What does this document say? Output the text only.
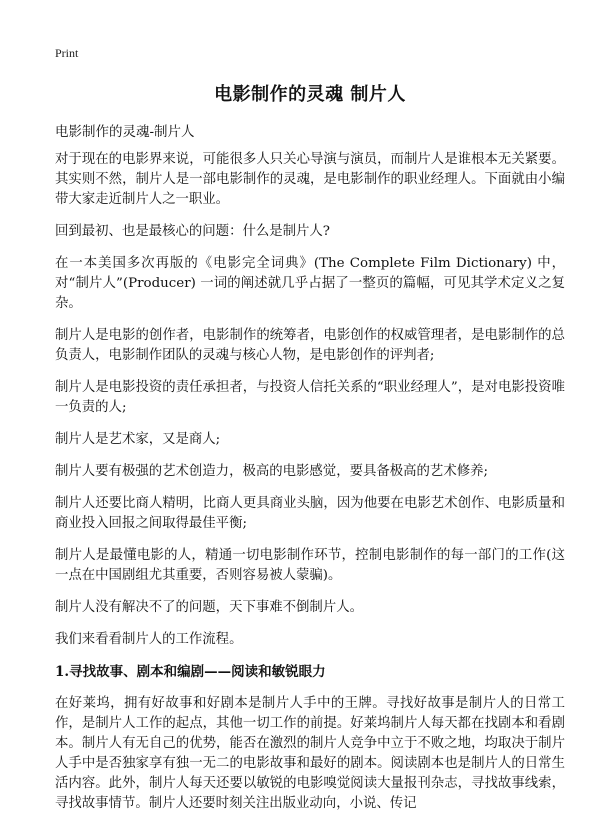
Print
电影制作的灵魂 制片人
电影制作的灵魂-制片人

对于现在的电影界来说，可能很多人只关心导演与演员，而制片人是谁根本无关紧要。其实则不然，制片人是一部电影制作的灵魂，是电影制作的职业经理人。下面就由小编带大家走近制片人之一职业。

回到最初、也是最核心的问题：什么是制片人?

在一本美国多次再版的《电影完全词典》(The Complete Film Dictionary) 中，对“制片人”(Producer) 一词的阐述就几乎占据了一整页的篇幅，可见其学术定义之复杂。

制片人是电影的创作者，电影制作的统筹者，电影创作的权威管理者，是电影制作的总负责人，电影制作团队的灵魂与核心人物，是电影创作的评判者;

制片人是电影投资的责任承担者，与投资人信托关系的“职业经理人”，是对电影投资唯一负责的人;

制片人是艺术家，又是商人;

制片人要有极强的艺术创造力，极高的电影感觉，要具备极高的艺术修养;

制片人还要比商人精明，比商人更具商业头脑，因为他要在电影艺术创作、电影质量和商业投入回报之间取得最佳平衡;

制片人是最懂电影的人，精通一切电影制作环节，控制电影制作的每一部门的工作(这一点在中国剧组尤其重要，否则容易被人蒙骗)。

制片人没有解决不了的问题，天下事难不倒制片人。

我们来看看制片人的工作流程。

1.寻找故事、剧本和编剧——阅读和敏锐眼力

在好莱坞，拥有好故事和好剧本是制片人手中的王牌。寻找好故事是制片人的日常工作，是制片人工作的起点，其他一切工作的前提。好莱坞制片人每天都在找剧本和看剧本。制片人有无自己的优势，能否在激烈的制片人竞争中立于不败之地，均取决于制片人手中是否独家享有独一无二的电影故事和最好的剧本。阅读剧本也是制片人的日常生活内容。此外，制片人每天还要以敏锐的电影嗅觉阅读大量报刊杂志，寻找故事线索，寻找故事情节。制片人还要时刻关注出版业动向，小说、传记
